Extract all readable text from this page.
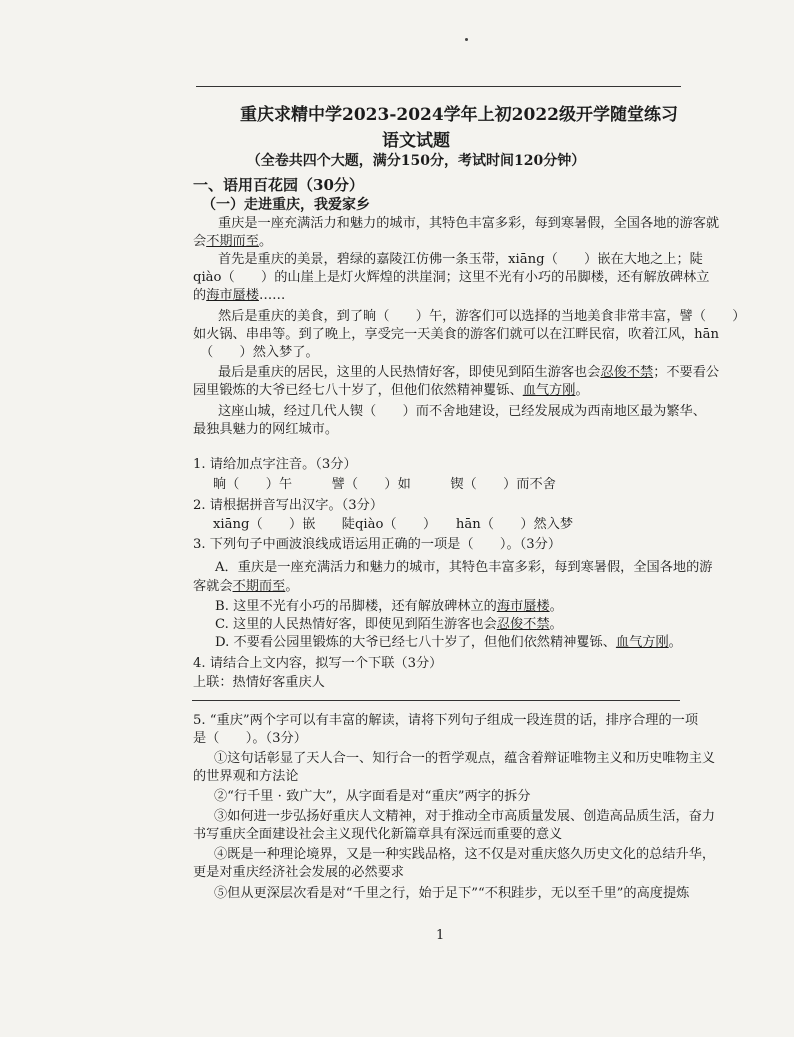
重庆求精中学2023-2024学年上初2022级开学随堂练习
语文试题
（全卷共四个大题，满分150分，考试时间120分钟）
一、语用百花园（30分）
（一）走进重庆，我爱家乡
重庆是一座充满活力和魅力的城市，其特色丰富多彩，每到寒暑假，全国各地的游客就
会不期而至。
首先是重庆的美景，碧绿的嘉陵江仿佛一条玉带，xiāng（　　）嵌在大地之上；陡
qiào（　　）的山崖上是灯火辉煌的洪崖洞；这里不光有小巧的吊脚楼，还有解放碑林立
的海市蜃楼……
然后是重庆的美食，到了晌（　　）午，游客们可以选择的当地美食非常丰富，譬（　　）
如火锅、串串等。到了晚上，享受完一天美食的游客们就可以在江畔民宿，吹着江风，hān
（　　）然入梦了。
最后是重庆的居民，这里的人民热情好客，即使见到陌生游客也会忍俊不禁；不要看公
园里锻炼的大爷已经七八十岁了，但他们依然精神矍铄、血气方刚。
这座山城，经过几代人锲（　　）而不舍地建设，已经发展成为西南地区最为繁华、
最独具魅力的网红城市。
1. 请给加点字注音。（3分）
晌（　　）午　　　譬（　　）如　　　锲（　　）而不舍
2. 请根据拼音写出汉字。（3分）
xiāng（　　）嵌　　陡qiào（　　）　　hān（　　）然入梦
3. 下列句子中画波浪线成语运用正确的一项是（　　）。（3分）
A．重庆是一座充满活力和魅力的城市，其特色丰富多彩，每到寒暑假，全国各地的游
客就会不期而至。
B. 这里不光有小巧的吊脚楼，还有解放碑林立的海市蜃楼。
C. 这里的人民热情好客，即使见到陌生游客也会忍俊不禁。
D. 不要看公园里锻炼的大爷已经七八十岁了，但他们依然精神矍铄、血气方刚。
4. 请结合上文内容，拟写一个下联（3分）
上联：热情好客重庆人
5. “重庆”两个字可以有丰富的解读，请将下列句子组成一段连贯的话，排序合理的一项
是（　　）。（3分）
①这句话彰显了天人合一、知行合一的哲学观点，蕴含着辩证唯物主义和历史唯物主义
的世界观和方法论
②“行千里 · 致广大”，从字面看是对“重庆”两字的拆分
③如何进一步弘扬好重庆人文精神，对于推动全市高质量发展、创造高品质生活，奋力
书写重庆全面建设社会主义现代化新篇章具有深远而重要的意义
④既是一种理论境界，又是一种实践品格，这不仅是对重庆悠久历史文化的总结升华，
更是对重庆经济社会发展的必然要求
⑤但从更深层次看是对“千里之行，始于足下”“不积跬步，无以至千里”的高度提炼
1
